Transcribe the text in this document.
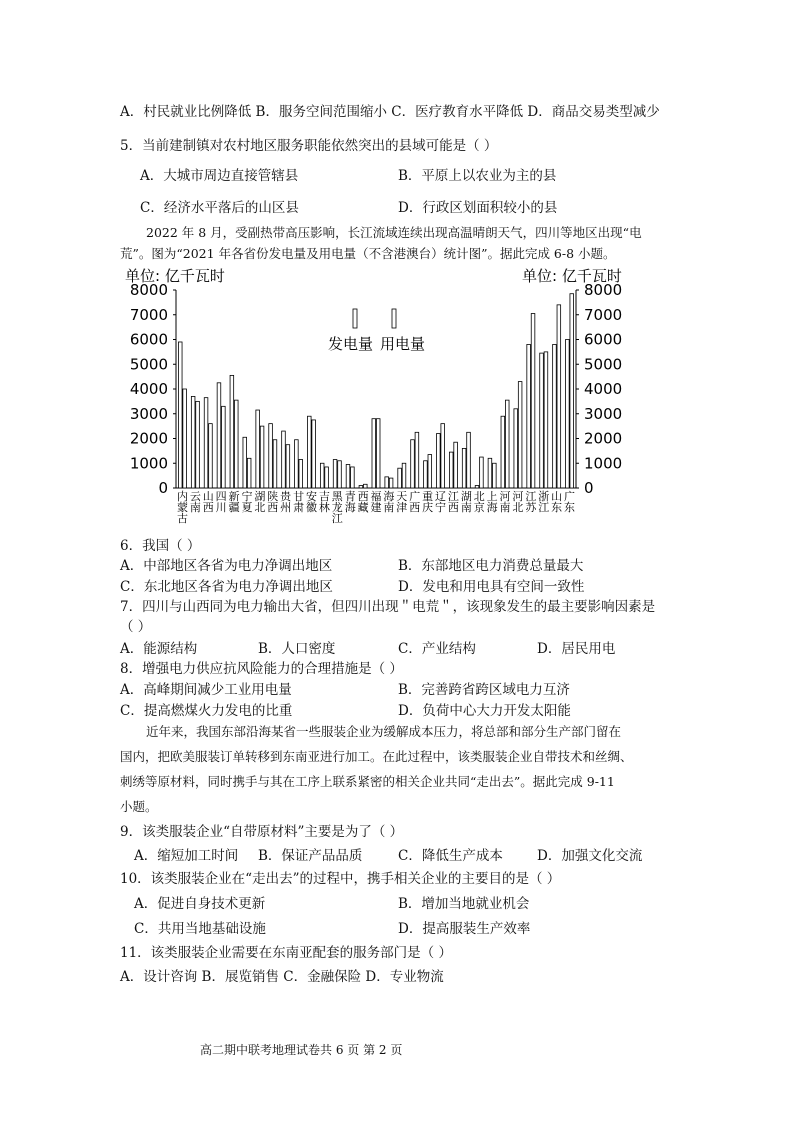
A．村民就业比例降低 B．服务空间范围缩小 C．医疗教育水平降低 D．商品交易类型减少
5．当前建制镇对农村地区服务职能依然突出的县域可能是（ ）
A．大城市周边直接管辖县	B．平原上以农业为主的县
C．经济水平落后的山区县	D．行政区划面积较小的县
2022 年 8 月，受副热带高压影响，长江流域连续出现高温晴朗天气，四川等地区出现“电
荒”。图为“2021 年各省份发电量及用电量（不含港澳台）统计图”。据此完成 6-8 小题。
单位: 亿千瓦时	单位: 亿千瓦时
0
1000
2000
3000
4000
5000
6000
7000
8000
0
1000
2000
3000
4000
5000
6000
7000
8000
发电量 用电量
内蒙古
云南
山西
四川
新疆
宁夏
湖北
陕西
贵州
甘肃
安徽
吉林
黑龙江
青海
西藏
福建
海南
天津
广西
重庆
辽宁
江西
湖南
北京
上海
河南
河北
江苏
浙江
山东
广东
6．我国（ ）
A．中部地区各省为电力净调出地区	B．东部地区电力消费总量最大
C．东北地区各省为电力净调出地区	D．发电和用电具有空间一致性
7．四川与山西同为电力输出大省，但四川出现＂电荒＂，该现象发生的最主要影响因素是
（ ）
A．能源结构	B．人口密度	C．产业结构	D．居民用电
8．增强电力供应抗风险能力的合理措施是（ ）
A．高峰期间减少工业用电量	B．完善跨省跨区域电力互济
C．提高燃煤火力发电的比重	D．负荷中心大力开发太阳能
近年来，我国东部沿海某省一些服装企业为缓解成本压力，将总部和部分生产部门留在
国内，把欧美服装订单转移到东南亚进行加工。在此过程中，该类服装企业自带技术和丝绸、
刺绣等原材料，同时携手与其在工序上联系紧密的相关企业共同“走出去”。据此完成 9-11
小题。
9．该类服装企业“自带原材料”主要是为了（ ）
A．缩短加工时间 B．保证产品品质	C．降低生产成本	D．加强文化交流
10．该类服装企业在“走出去”的过程中，携手相关企业的主要目的是（ ）
A．促进自身技术更新	B．增加当地就业机会
C．共用当地基础设施	D．提高服装生产效率
11．该类服装企业需要在东南亚配套的服务部门是（ ）
A．设计咨询 B．展览销售 C．金融保险 D．专业物流
高二期中联考地理试卷共 6 页 第 2 页
